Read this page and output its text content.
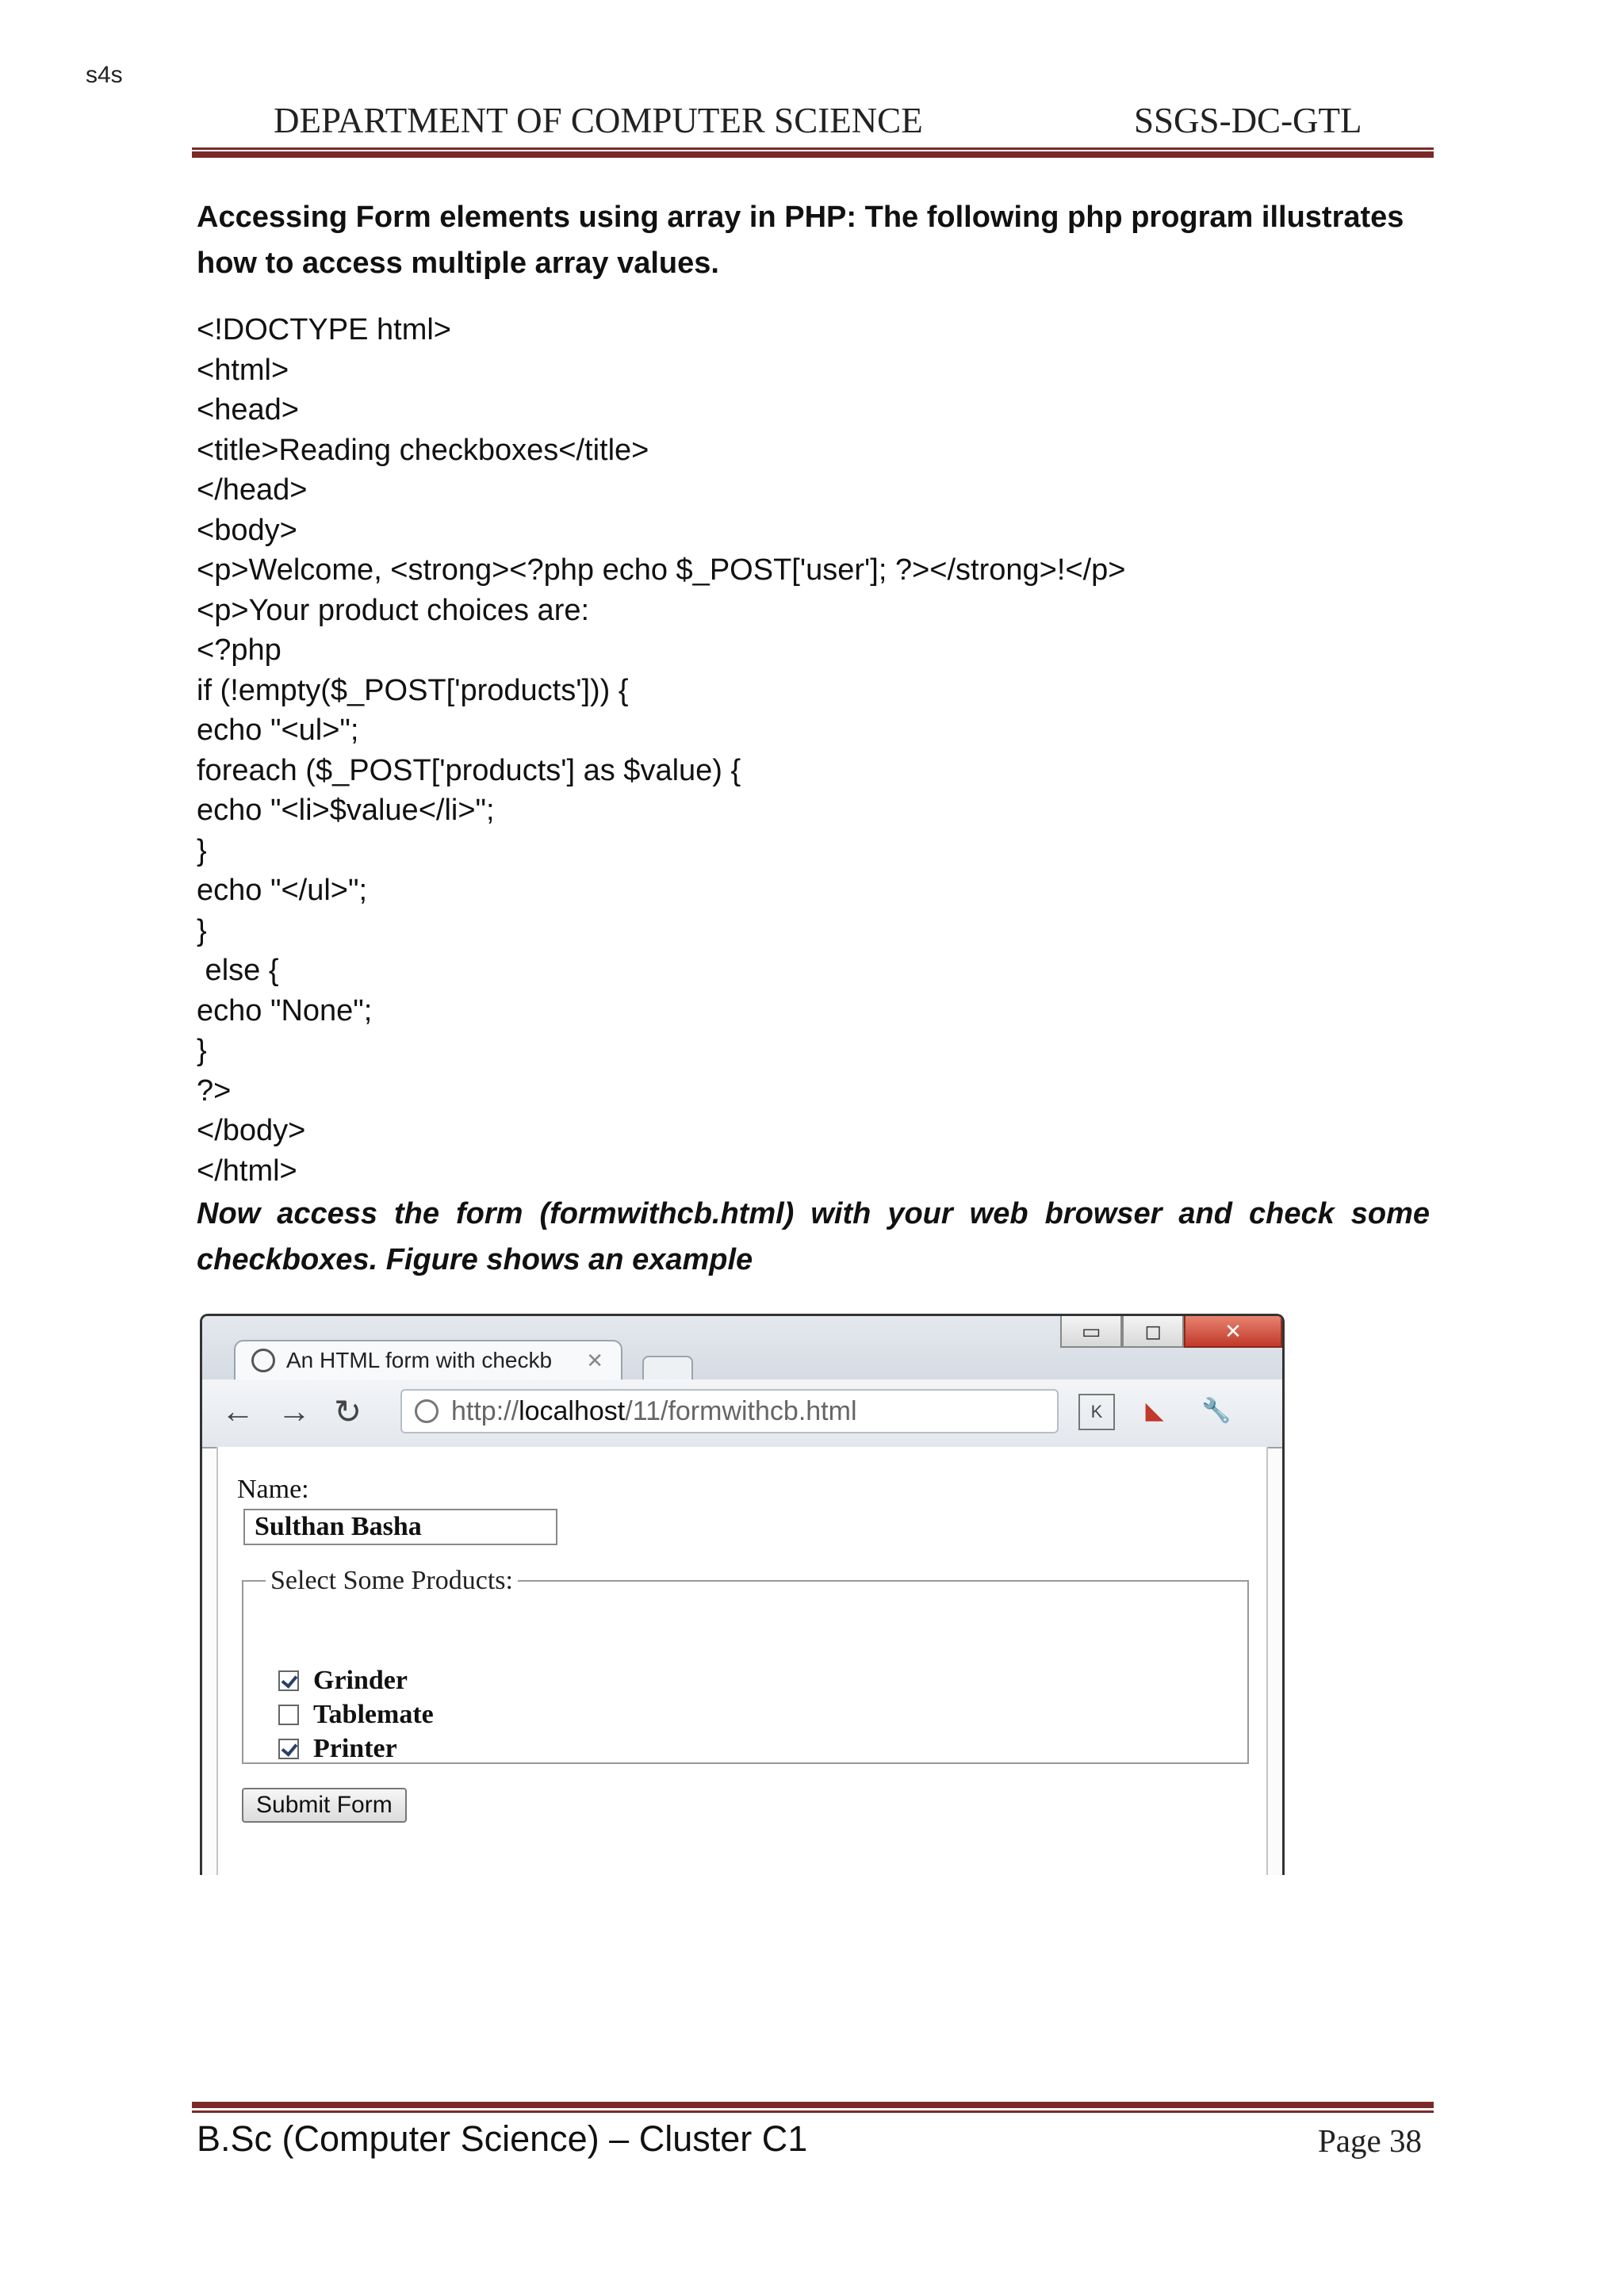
s4s
DEPARTMENT OF COMPUTER SCIENCE	SSGS-DC-GTL

Accessing Form elements using array in PHP: The following php program illustrates how to access multiple array values.

<!DOCTYPE html>
<html>
<head>
<title>Reading checkboxes</title>
</head>
<body>
<p>Welcome, <strong><?php echo $_POST['user']; ?></strong>!</p>
<p>Your product choices are:
<?php
if (!empty($_POST['products'])) {
echo "<ul>";
foreach ($_POST['products'] as $value) {
echo "<li>$value</li>";
}
echo "</ul>";
}
else {
echo "None";
}
?>
</body>
</html>

Now access the form (formwithcb.html) with your web browser and check some checkboxes. Figure shows an example

An HTML form with checkb ✕
▭	◻	✕
← → ↻	http:// localhost /11/formwithcb.html	K	◣	🔧
Name:
Sulthan Basha
Select Some Products:
Grinder
Tablemate
Printer
Submit Form
B.Sc (Computer Science) – Cluster C1	Page 38
